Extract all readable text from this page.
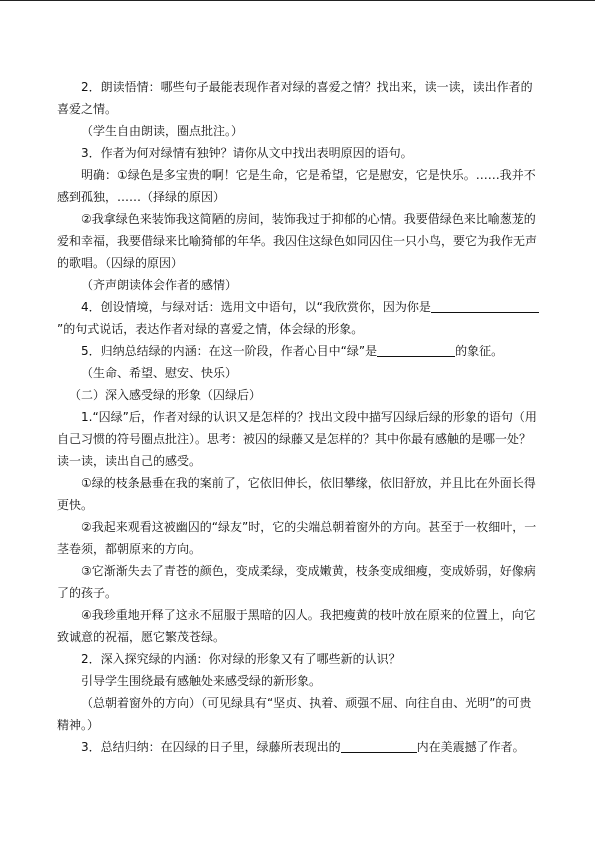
2．朗读悟情：哪些句子最能表现作者对绿的喜爱之情？找出来，读一读，读出作者的喜爱之情。

（学生自由朗读，圈点批注。）

3．作者为何对绿情有独钟？请你从文中找出表明原因的语句。

明确：①绿色是多宝贵的啊！它是生命，它是希望，它是慰安，它是快乐。……我并不感到孤独，……（择绿的原因）

②我拿绿色来装饰我这简陋的房间，装饰我过于抑郁的心情。我要借绿色来比喻葱茏的爱和幸福，我要借绿来比喻猗郁的年华。我囚住这绿色如同囚住一只小鸟，要它为我作无声的歌唱。（囚绿的原因）

（齐声朗读体会作者的感情）

4．创设情境，与绿对话：选用文中语句，以“我欣赏你，因为你是”的句式说话，表达作者对绿的喜爱之情，体会绿的形象。

5．归纳总结绿的内涵：在这一阶段，作者心目中“绿”是	的象征。

（生命、希望、慰安、快乐）

（二）深入感受绿的形象（囚绿后）

1.“囚绿”后，作者对绿的认识又是怎样的？找出文段中描写囚绿后绿的形象的语句（用自己习惯的符号圈点批注）。思考：被囚的绿藤又是怎样的？其中你最有感触的是哪一处？读一读，读出自己的感受。

①绿的枝条悬垂在我的案前了，它依旧伸长，依旧攀缘，依旧舒放，并且比在外面长得更快。

②我起来观看这被幽囚的“绿友”时，它的尖端总朝着窗外的方向。甚至于一枚细叶，一茎卷须，都朝原来的方向。

③它渐渐失去了青苍的颜色，变成柔绿，变成嫩黄，枝条变成细瘦，变成娇弱，好像病了的孩子。

④我珍重地开释了这永不屈服于黑暗的囚人。我把瘦黄的枝叶放在原来的位置上，向它致诚意的祝福，愿它繁茂苍绿。

2．深入探究绿的内涵：你对绿的形象又有了哪些新的认识？

引导学生围绕最有感触处来感受绿的新形象。

（总朝着窗外的方向）（可见绿具有“坚贞、执着、顽强不屈、向往自由、光明”的可贵精神。）

3．总结归纳：在囚绿的日子里，绿藤所表现出的	内在美震撼了作者。
